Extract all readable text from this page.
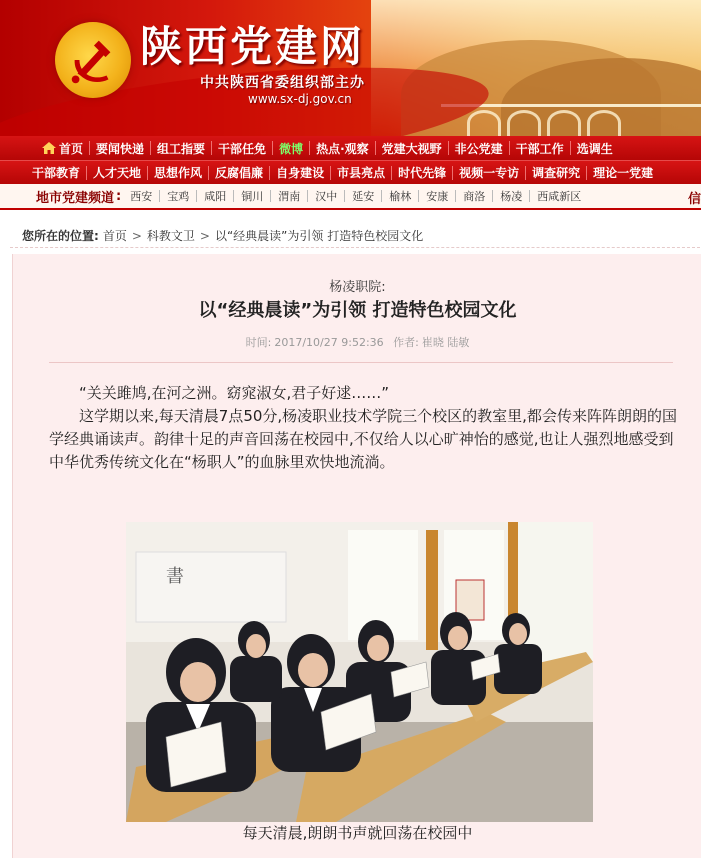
陕西党建网
中共陕西省委组织部主办
www.sx-dj.gov.cn
首页	要闻快递	组工指要	干部任免	微博	热点·观察	党建大视野	非公党建	干部工作	选调生
干部教育	人才天地	思想作风	反腐倡廉	自身建设	市县亮点	时代先锋	视频一专访	调查研究	理论一党建
地市党建频道 : 西安	宝鸡	咸阳	铜川	渭南	汉中	延安	榆林	安康	商洛	杨凌	西咸新区	信
您所在的位置: 首页 > 科教文卫 > 以“经典晨读”为引领 打造特色校园文化
杨凌职院:
以“经典晨读”为引领 打造特色校园文化
时间: 2017/10/27 9:52:36 作者: 崔晓 陆敏

“关关雎鸠,在河之洲。窈窕淑女,君子好逑……”

这学期以来,每天清晨7点50分,杨凌职业技术学院三个校区的教室里,都会传来阵阵朗朗的国学经典诵读声。韵律十足的声音回荡在校园中,不仅给人以心旷神怡的感觉,也让人强烈地感受到中华优秀传统文化在“杨职人”的血脉里欢快地流淌。

書
每天清晨,朗朗书声就回荡在校园中
